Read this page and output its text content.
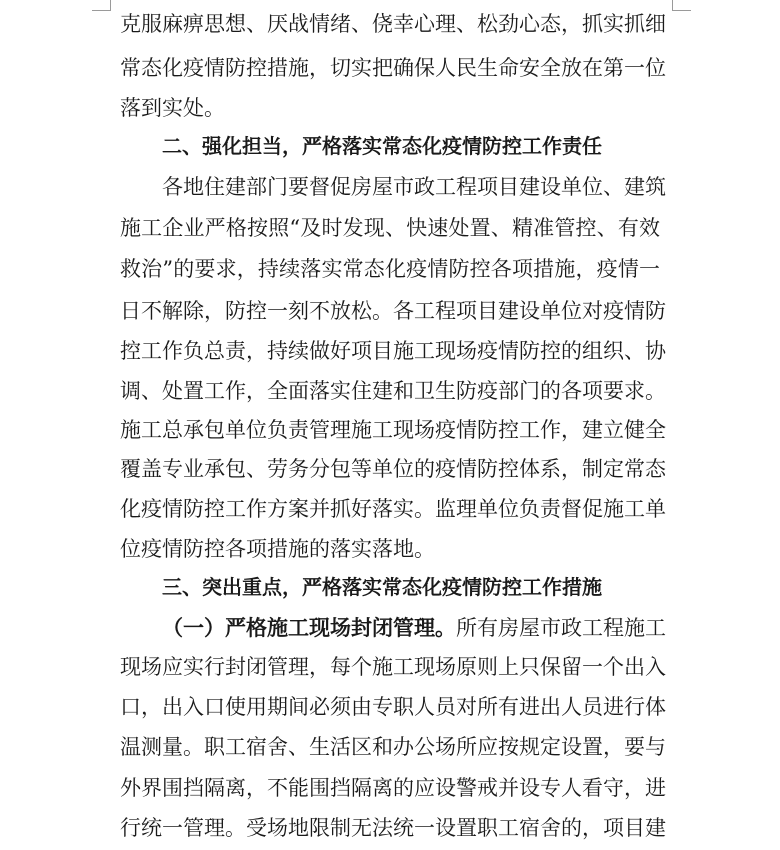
克服麻痹思想、厌战情绪、侥幸心理、松劲心态，抓实抓细
常态化疫情防控措施，切实把确保人民生命安全放在第一位
落到实处。
二、强化担当，严格落实常态化疫情防控工作责任
各地住建部门要督促房屋市政工程项目建设单位、建筑
施工企业严格按照“及时发现、快速处置、精准管控、有效
救治”的要求，持续落实常态化疫情防控各项措施，疫情一
日不解除，防控一刻不放松。各工程项目建设单位对疫情防
控工作负总责，持续做好项目施工现场疫情防控的组织、协
调、处置工作，全面落实住建和卫生防疫部门的各项要求。
施工总承包单位负责管理施工现场疫情防控工作，建立健全
覆盖专业承包、劳务分包等单位的疫情防控体系，制定常态
化疫情防控工作方案并抓好落实。监理单位负责督促施工单
位疫情防控各项措施的落实落地。
三、突出重点，严格落实常态化疫情防控工作措施
（一）严格施工现场封闭管理。所有房屋市政工程施工
现场应实行封闭管理，每个施工现场原则上只保留一个出入
口，出入口使用期间必须由专职人员对所有进出人员进行体
温测量。职工宿舍、生活区和办公场所应按规定设置，要与
外界围挡隔离，不能围挡隔离的应设警戒并设专人看守，进
行统一管理。受场地限制无法统一设置职工宿舍的，项目建
